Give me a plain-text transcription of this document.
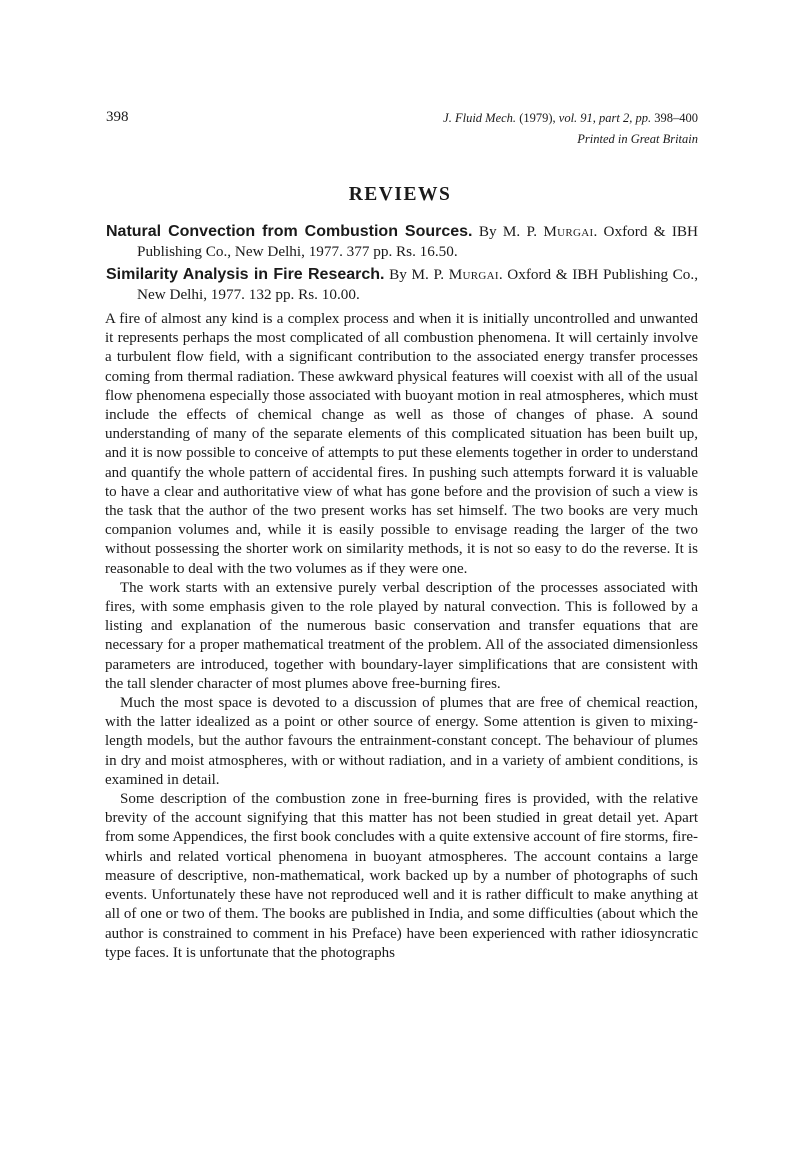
398	J. Fluid Mech. (1979), vol. 91, part 2, pp. 398–400
Printed in Great Britain
REVIEWS
Natural Convection from Combustion Sources. By M. P. Murgai. Oxford & IBH Publishing Co., New Delhi, 1977. 377 pp. Rs. 16.50.
Similarity Analysis in Fire Research. By M. P. Murgai. Oxford & IBH Publishing Co., New Delhi, 1977. 132 pp. Rs. 10.00.

A fire of almost any kind is a complex process and when it is initially uncontrolled and unwanted it represents perhaps the most complicated of all combustion phenomena. It will certainly involve a turbulent flow field, with a significant contribution to the associated energy transfer processes coming from thermal radiation. These awkward physical features will coexist with all of the usual flow phenomena especially those associated with buoyant motion in real atmospheres, which must include the effects of chemical change as well as those of changes of phase. A sound understanding of many of the separate elements of this complicated situation has been built up, and it is now possible to conceive of attempts to put these elements together in order to understand and quantify the whole pattern of accidental fires. In pushing such attempts forward it is valuable to have a clear and authoritative view of what has gone before and the provision of such a view is the task that the author of the two present works has set himself. The two books are very much companion volumes and, while it is easily possible to envisage reading the larger of the two without possessing the shorter work on similarity methods, it is not so easy to do the reverse. It is reasonable to deal with the two volumes as if they were one.

The work starts with an extensive purely verbal description of the processes associated with fires, with some emphasis given to the role played by natural convection. This is followed by a listing and explanation of the numerous basic conservation and transfer equations that are necessary for a proper mathematical treatment of the problem. All of the associated dimensionless parameters are introduced, together with boundary-layer simplifications that are consistent with the tall slender character of most plumes above free-burning fires.

Much the most space is devoted to a discussion of plumes that are free of chemical reaction, with the latter idealized as a point or other source of energy. Some attention is given to mixing-length models, but the author favours the entrainment-constant concept. The behaviour of plumes in dry and moist atmospheres, with or without radiation, and in a variety of ambient conditions, is examined in detail.

Some description of the combustion zone in free-burning fires is provided, with the relative brevity of the account signifying that this matter has not been studied in great detail yet. Apart from some Appendices, the first book concludes with a quite extensive account of fire storms, fire-whirls and related vortical phenomena in buoyant atmospheres. The account contains a large measure of descriptive, non-mathematical, work backed up by a number of photographs of such events. Unfortunately these have not reproduced well and it is rather difficult to make anything at all of one or two of them. The books are published in India, and some difficulties (about which the author is constrained to comment in his Preface) have been experienced with rather idiosyncratic type faces. It is unfortunate that the photographs
